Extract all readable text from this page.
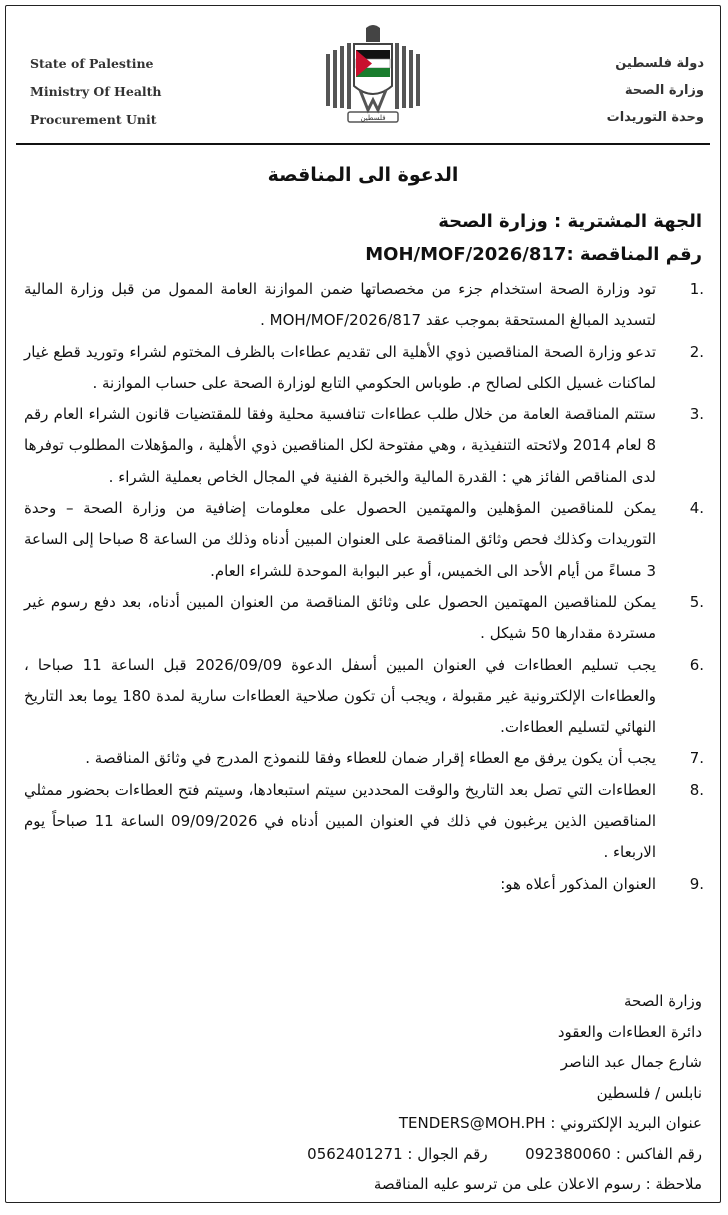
State of Palestine
Ministry Of Health
Procurement Unit	فلسطين
دولة فلسطين
وزارة الصحة
وحدة التوريدات
الدعوة الى المناقصة
الجهة المشترية : وزارة الصحة
رقم المناقصة :MOH/MOF/2026/817
1.
تود وزارة الصحة استخدام جزء من مخصصاتها ضمن الموازنة العامة الممول من قبل وزارة المالية لتسديد المبالغ المستحقة بموجب عقد MOH/MOF/2026/817 .
2.
تدعو وزارة الصحة المناقصين ذوي الأهلية الى تقديم عطاءات بالظرف المختوم لشراء وتوريد قطع غيار لماكنات غسيل الكلى لصالح م. طوباس الحكومي التابع لوزارة الصحة على حساب الموازنة .
3.
ستتم المناقصة العامة من خلال طلب عطاءات تنافسية محلية وفقا للمقتضيات قانون الشراء العام رقم 8 لعام 2014 ولائحته التنفيذية ، وهي مفتوحة لكل المناقصين ذوي الأهلية ، والمؤهلات المطلوب توفرها لدى المناقص الفائز هي : القدرة المالية والخبرة الفنية في المجال الخاص بعملية الشراء .
4.
يمكن للمناقصين المؤهلين والمهتمين الحصول على معلومات إضافية من وزارة الصحة – وحدة التوريدات وكذلك فحص وثائق المناقصة على العنوان المبين أدناه وذلك من الساعة 8 صباحا إلى الساعة 3 مساءً من أيام الأحد الى الخميس، أو عبر البوابة الموحدة للشراء العام.
5.
يمكن للمناقصين المهتمين الحصول على وثائق المناقصة من العنوان المبين أدناه، بعد دفع رسوم غير مستردة مقدارها 50 شيكل .
6.
يجب تسليم العطاءات في العنوان المبين أسفل الدعوة 2026/09/09 قبل الساعة 11 صباحا ، والعطاءات الإلكترونية غير مقبولة ، ويجب أن تكون صلاحية العطاءات سارية لمدة 180 يوما بعد التاريخ النهائي لتسليم العطاءات.
7.
يجب أن يكون يرفق مع العطاء إقرار ضمان للعطاء وفقا للنموذج المدرج في وثائق المناقصة .
8.
العطاءات التي تصل بعد التاريخ والوقت المحددين سيتم استبعادها، وسيتم فتح العطاءات بحضور ممثلي المناقصين الذين يرغبون في ذلك في العنوان المبين أدناه في 09/09/2026 الساعة 11 صباحاً يوم الاربعاء .
9.
العنوان المذكور أعلاه هو:
وزارة الصحة
دائرة العطاءات والعقود
شارع جمال عبد الناصر
نابلس / فلسطين
عنوان البريد الإلكتروني : TENDERS@MOH.PH
رقم الفاكس : 092380060  رقم الجوال : 0562401271
ملاحظة : رسوم الاعلان على من ترسو عليه المناقصة
